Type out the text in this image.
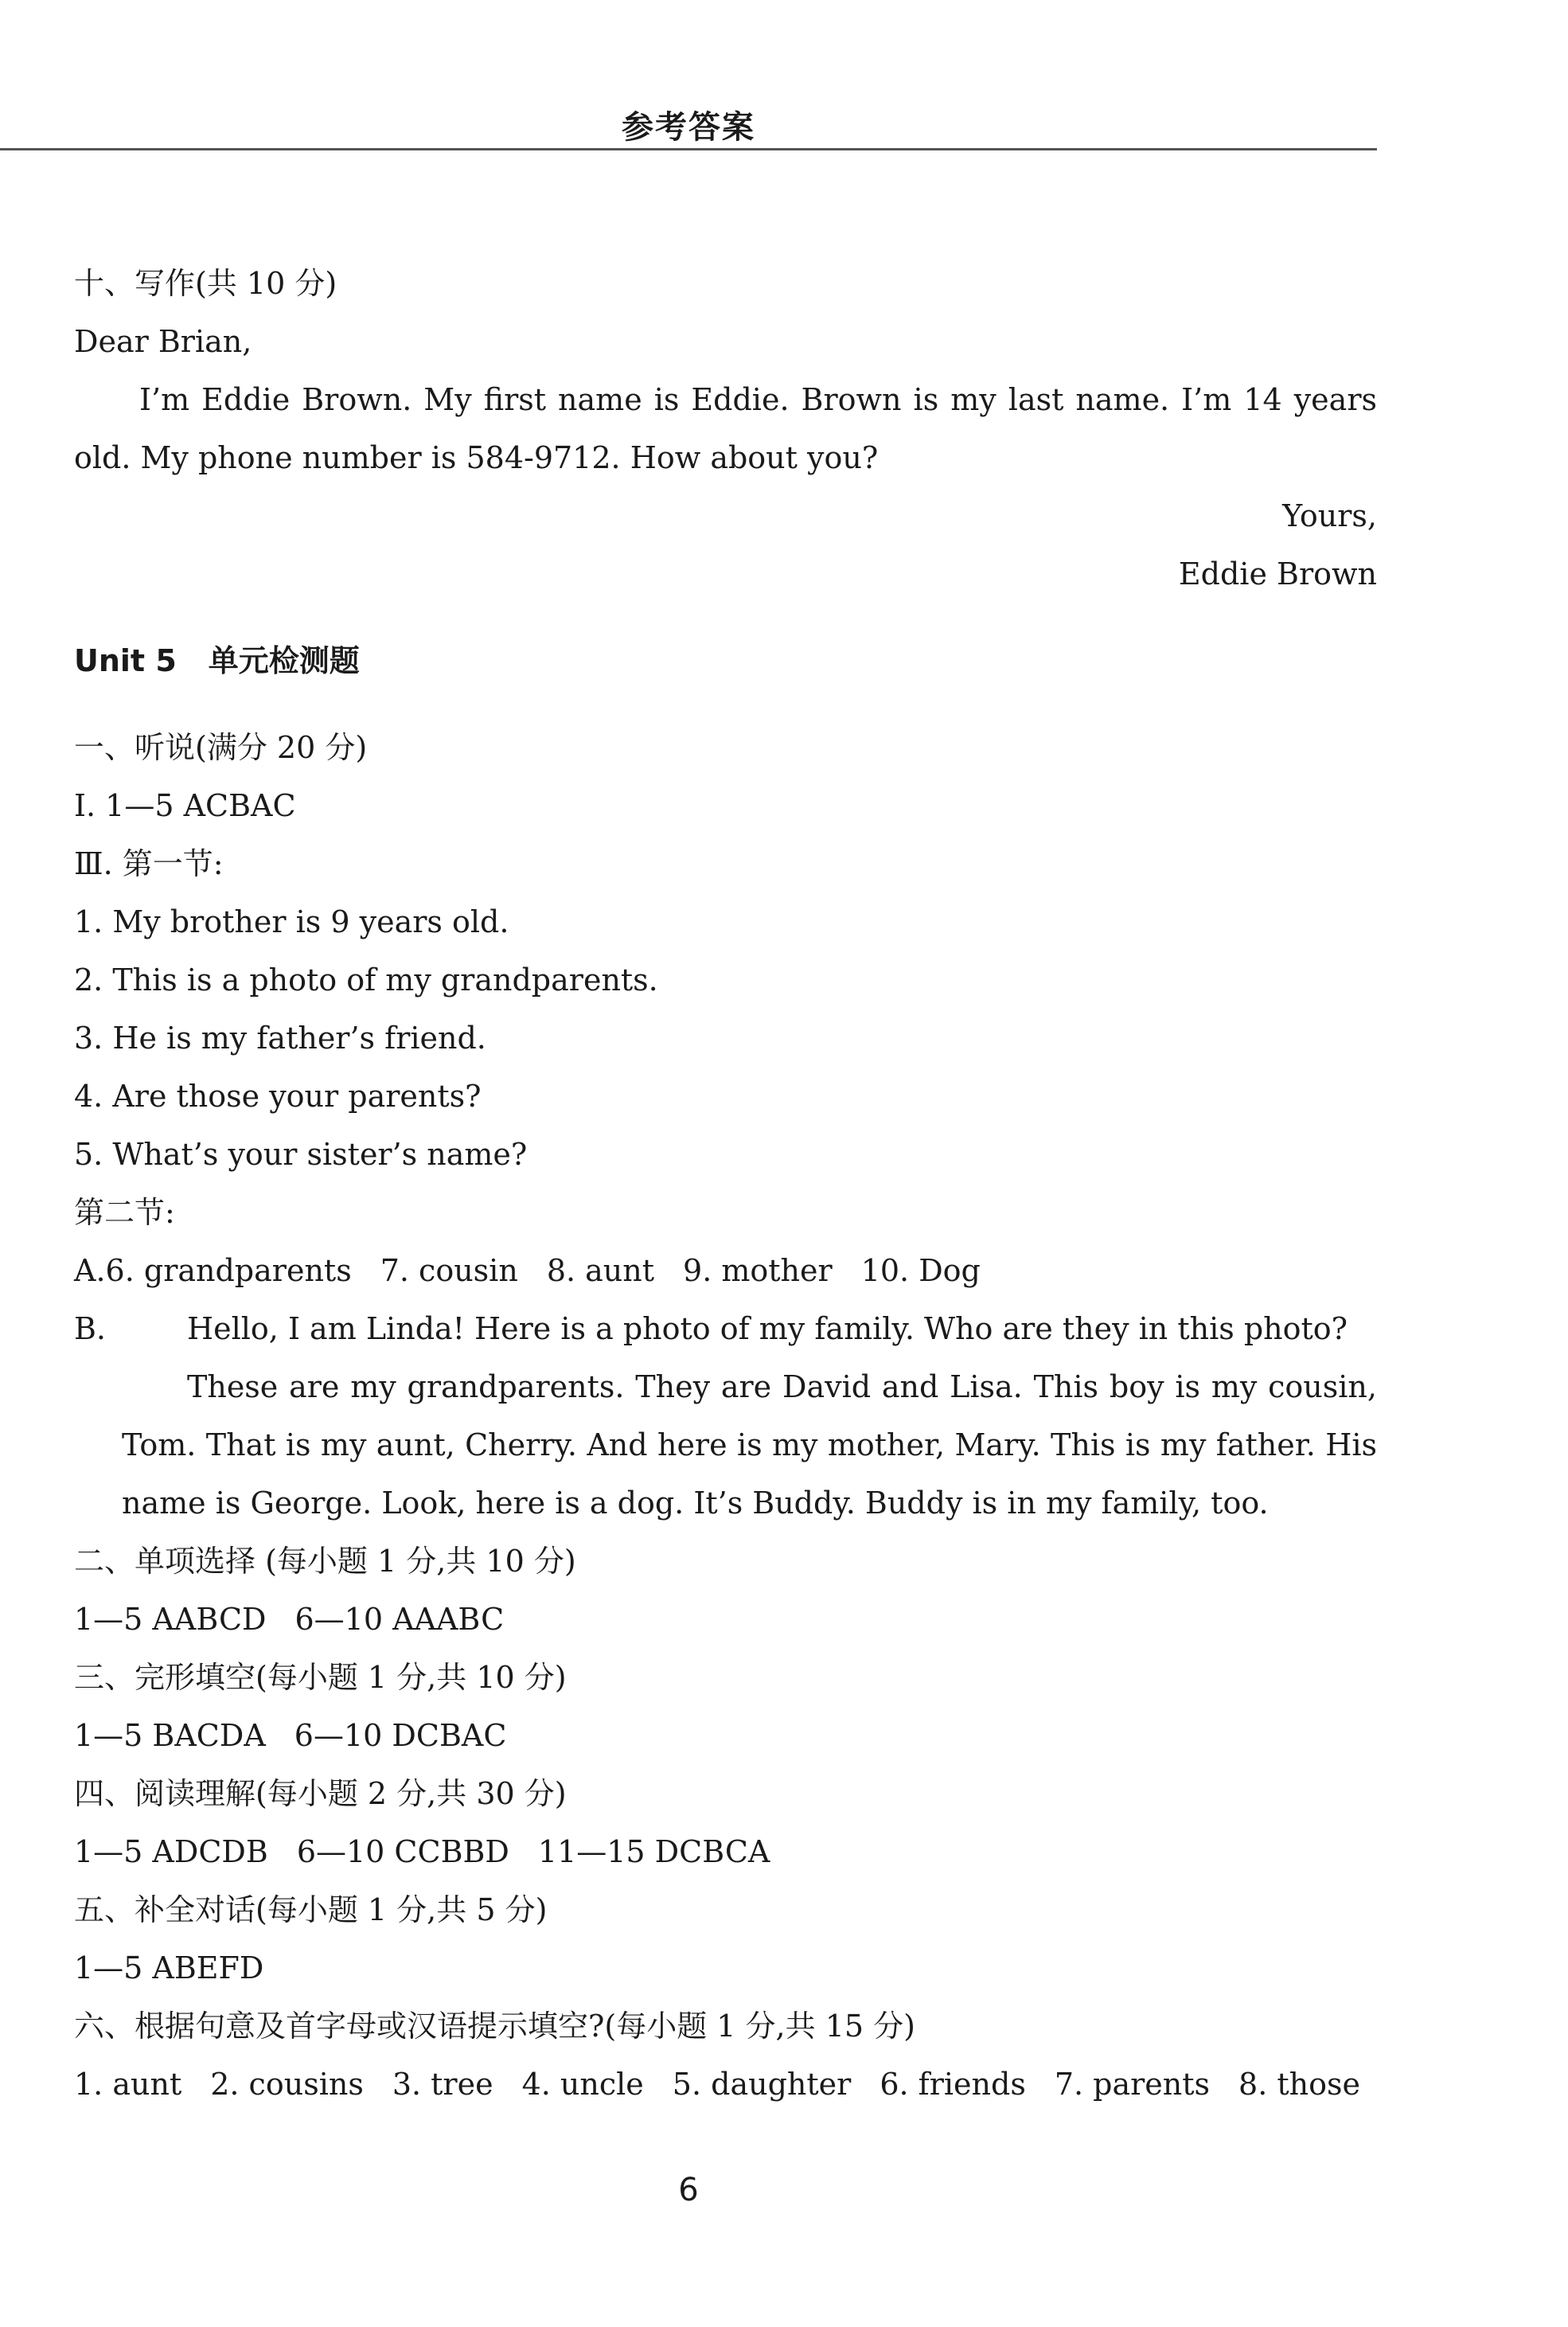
参考答案
十、写作(共 10 分)
Dear Brian,
I’m Eddie Brown. My first name is Eddie. Brown is my last name. I’m 14 years old. My phone number is 584-9712. How about you?
Yours,
Eddie Brown
Unit 5 单元检测题
一、听说(满分 20 分)
Ⅰ. 1—5 ACBAC
Ⅲ. 第一节:
1. My brother is 9 years old.
2. This is a photo of my grandparents.
3. He is my father’s friend.
4. Are those your parents?
5. What’s your sister’s name?
第二节:
A.6. grandparents 7. cousin 8. aunt 9. mother 10. Dog
B.	Hello, I am Linda! Here is a photo of my family. Who are they in this photo?
These are my grandparents. They are David and Lisa. This boy is my cousin, Tom. That is my aunt, Cherry. And here is my mother, Mary. This is my father. His name is George. Look, here is a dog. It’s Buddy. Buddy is in my family, too.
二、单项选择 (每小题 1 分,共 10 分)
1—5 AABCD 6—10 AAABC
三、完形填空(每小题 1 分,共 10 分)
1—5 BACDA 6—10 DCBAC
四、阅读理解(每小题 2 分,共 30 分)
1—5 ADCDB 6—10 CCBBD 11—15 DCBCA
五、补全对话(每小题 1 分,共 5 分)
1—5 ABEFD
六、根据句意及首字母或汉语提示填空?(每小题 1 分,共 15 分)
1. aunt 2. cousins 3. tree 4. uncle 5. daughter 6. friends 7. parents 8. those
6
